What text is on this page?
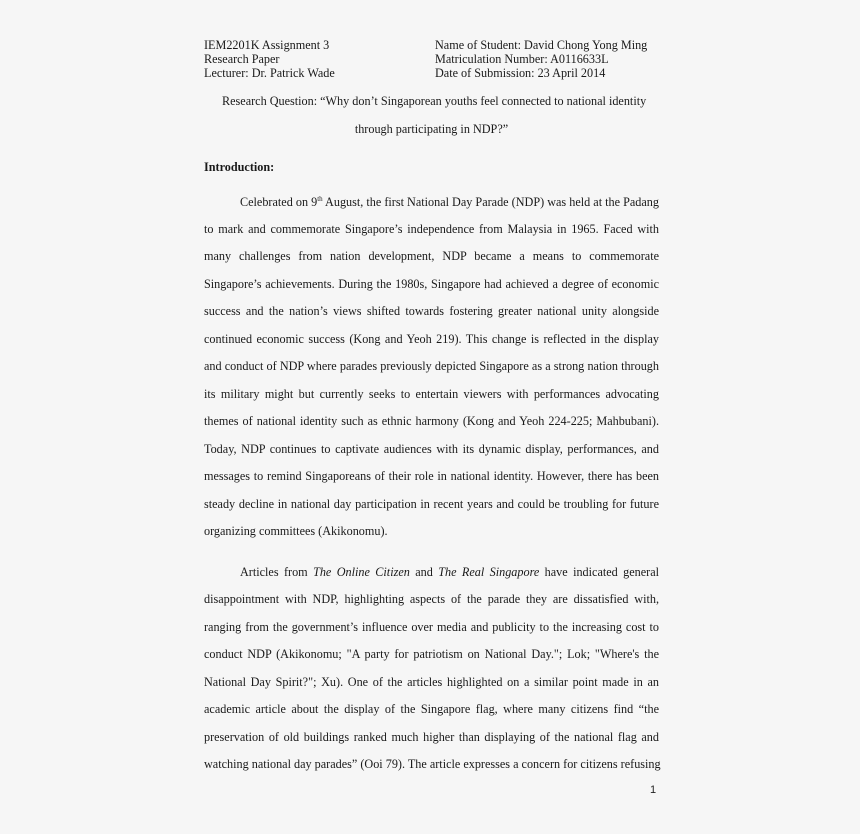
IEM2201K Assignment 3	Name of Student: David Chong Yong Ming
Research Paper	Matriculation Number: A0116633L
Lecturer: Dr. Patrick Wade	Date of Submission: 23 April 2014
Research Question: “Why don’t Singaporean youths feel connected to national identity
through participating in NDP?”
Introduction:
Celebrated on 9th August, the first National Day Parade (NDP) was held at the Padang
to mark and commemorate Singapore’s independence from Malaysia in 1965. Faced with
many challenges from nation development, NDP became a means to commemorate
Singapore’s achievements. During the 1980s, Singapore had achieved a degree of economic
success and the nation’s views shifted towards fostering greater national unity alongside
continued economic success (Kong and Yeoh 219). This change is reflected in the display
and conduct of NDP where parades previously depicted Singapore as a strong nation through
its military might but currently seeks to entertain viewers with performances advocating
themes of national identity such as ethnic harmony (Kong and Yeoh 224-225; Mahbubani).
Today, NDP continues to captivate audiences with its dynamic display, performances, and
messages to remind Singaporeans of their role in national identity. However, there has been
steady decline in national day participation in recent years and could be troubling for future
organizing committees (Akikonomu).
Articles from The Online Citizen and The Real Singapore have indicated general
disappointment with NDP, highlighting aspects of the parade they are dissatisfied with,
ranging from the government’s influence over media and publicity to the increasing cost to
conduct NDP (Akikonomu; "A party for patriotism on National Day."; Lok; "Where's the
National Day Spirit?"; Xu). One of the articles highlighted on a similar point made in an
academic article about the display of the Singapore flag, where many citizens find “the
preservation of old buildings ranked much higher than displaying of the national flag and
watching national day parades” (Ooi 79). The article expresses a concern for citizens refusing
1
